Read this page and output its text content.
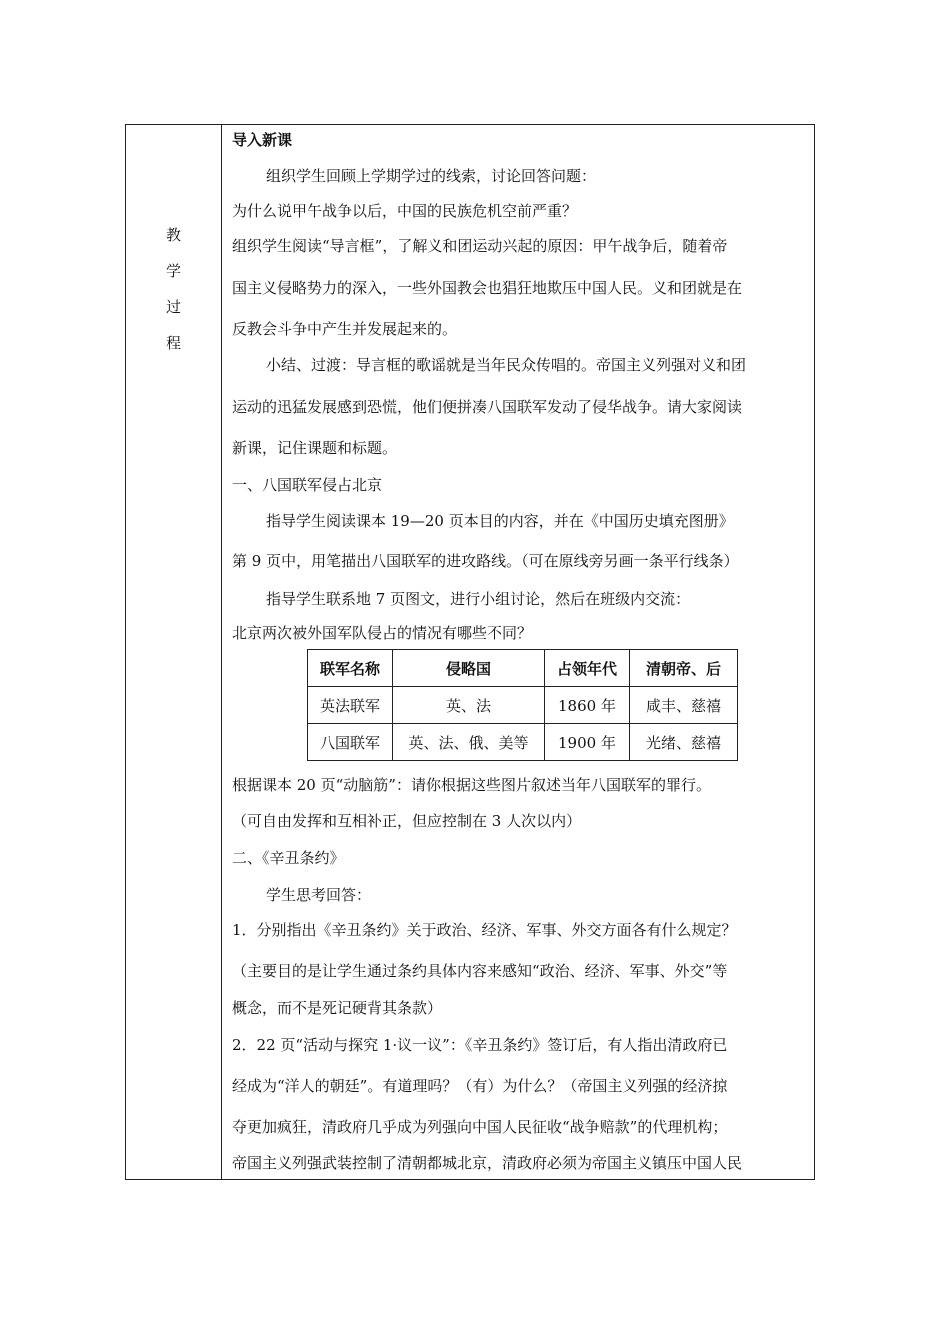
教
学
过
程
导入新课
组织学生回顾上学期学过的线索，讨论回答问题：
为什么说甲午战争以后，中国的民族危机空前严重？
组织学生阅读“导言框”，了解义和团运动兴起的原因：甲午战争后，随着帝
国主义侵略势力的深入，一些外国教会也猖狂地欺压中国人民。义和团就是在
反教会斗争中产生并发展起来的。
小结、过渡：导言框的歌谣就是当年民众传唱的。帝国主义列强对义和团
运动的迅猛发展感到恐慌，他们便拼凑八国联军发动了侵华战争。请大家阅读
新课，记住课题和标题。
一、八国联军侵占北京
指导学生阅读课本 19—20 页本目的内容，并在《中国历史填充图册》
第 9 页中，用笔描出八国联军的进攻路线。（可在原线旁另画一条平行线条）
指导学生联系地 7 页图文，进行小组讨论，然后在班级内交流：
北京两次被外国军队侵占的情况有哪些不同？
根据课本 20 页“动脑筋”：请你根据这些图片叙述当年八国联军的罪行。
（可自由发挥和互相补正，但应控制在 3 人次以内）
二、《辛丑条约》
学生思考回答：
1．分别指出《辛丑条约》关于政治、经济、军事、外交方面各有什么规定？
（主要目的是让学生通过条约具体内容来感知“政治、经济、军事、外交”等
概念，而不是死记硬背其条款）
2．22 页“活动与探究 1·议一议”：《辛丑条约》签订后，有人指出清政府已
经成为“洋人的朝廷”。有道理吗？（有）为什么？（帝国主义列强的经济掠
夺更加疯狂，清政府几乎成为列强向中国人民征收“战争赔款”的代理机构；
帝国主义列强武装控制了清朝都城北京，清政府必须为帝国主义镇压中国人民
联军名称	侵略国	占领年代	清朝帝、后
英法联军	英、法	1860 年	咸丰、慈禧
八国联军	英、法、俄、美等	1900 年	光绪、慈禧
